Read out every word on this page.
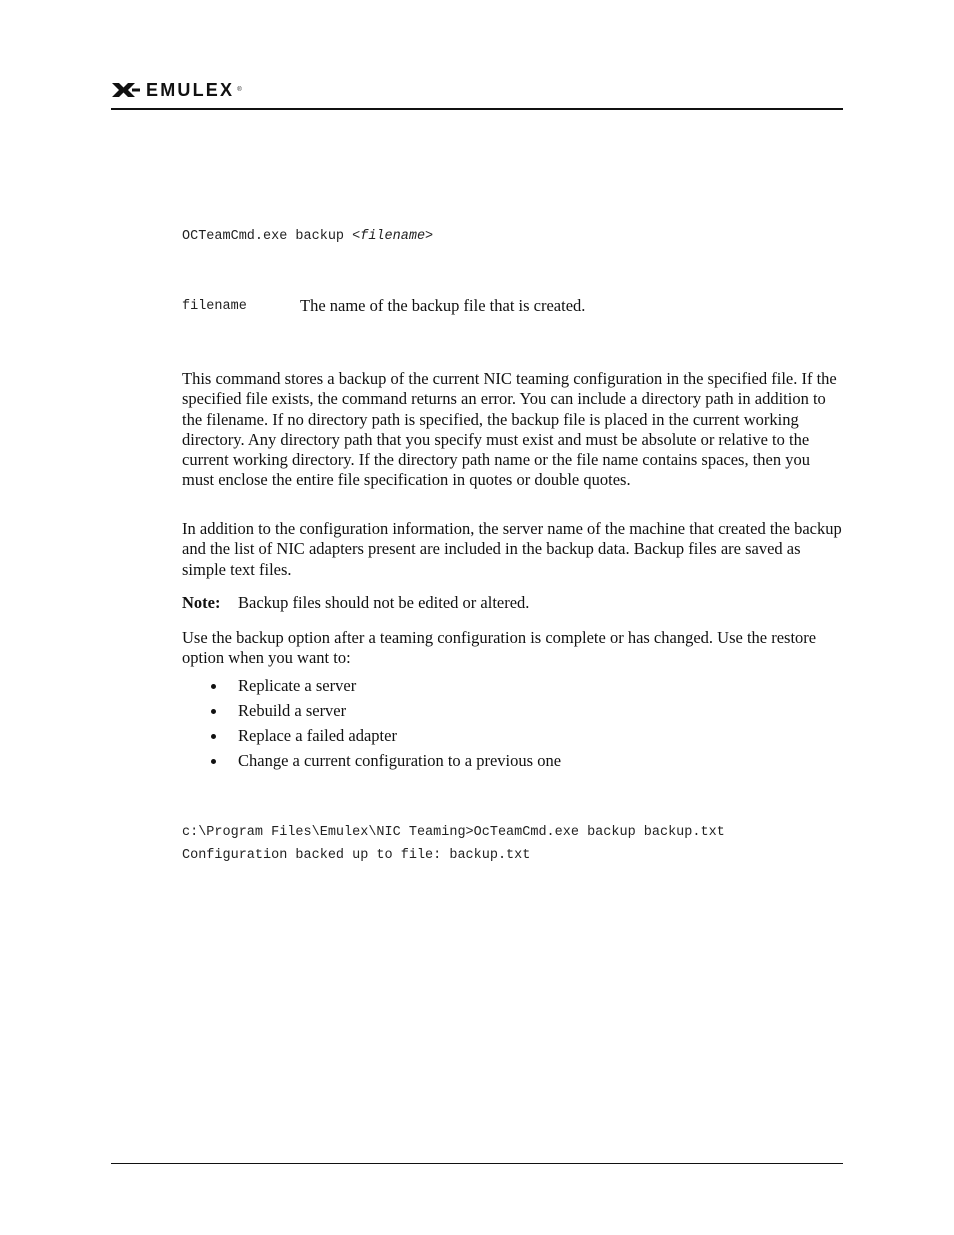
EMULEX ®
OCTeamCmd.exe backup <filename>
filename	The name of the backup file that is created.

This command stores a backup of the current NIC teaming configuration in the specified file. If the specified file exists, the command returns an error. You can include a directory path in addition to the filename. If no directory path is specified, the backup file is placed in the current working directory. Any directory path that you specify must exist and must be absolute or relative to the current working directory. If the directory path name or the file name contains spaces, then you must enclose the entire file specification in quotes or double quotes.

In addition to the configuration information, the server name of the machine that created the backup and the list of NIC adapters present are included in the backup data. Backup files are saved as simple text files.

Note:	Backup files should not be edited or altered.

Use the backup option after a teaming configuration is complete or has changed. Use the restore option when you want to:

Replicate a server
Rebuild a server
Replace a failed adapter
Change a current configuration to a previous one
c:\Program Files\Emulex\NIC Teaming>OcTeamCmd.exe backup backup.txt
Configuration backed up to file: backup.txt
